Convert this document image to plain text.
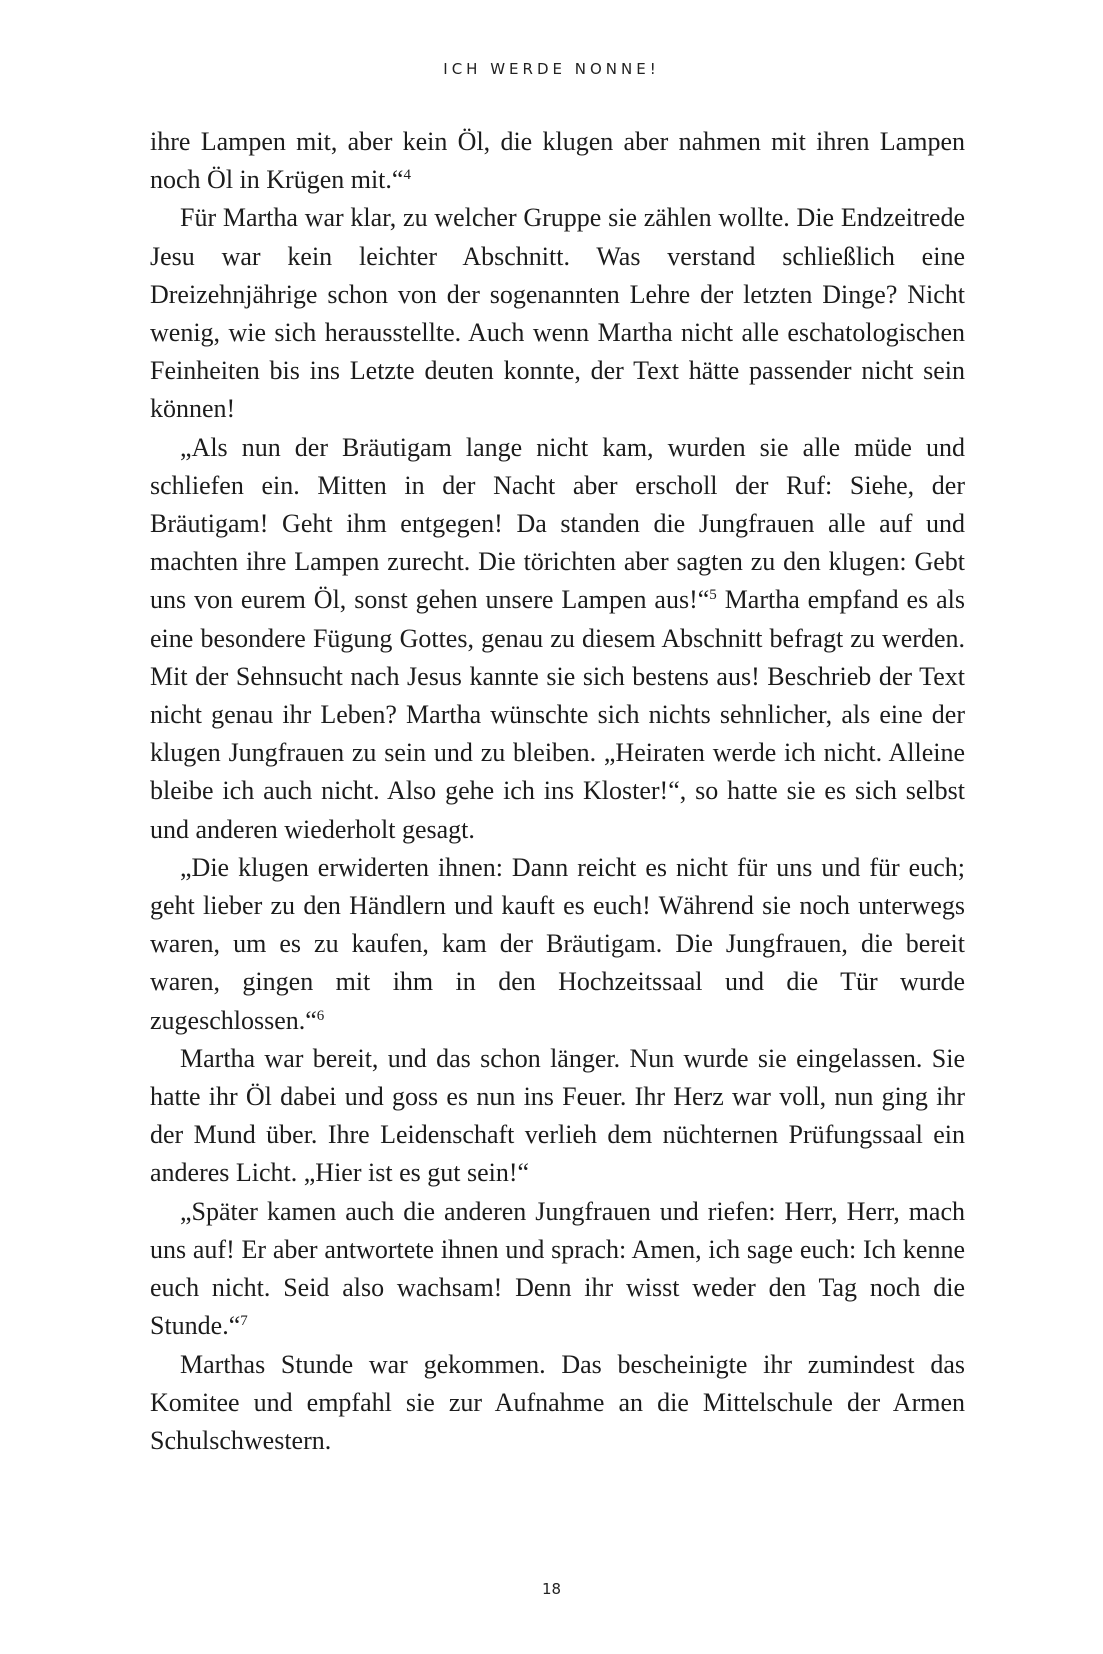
ICH WERDE NONNE!

ihre Lampen mit, aber kein Öl, die klugen aber nahmen mit ihren Lampen noch Öl in Krügen mit.“$^4$

Für Martha war klar, zu welcher Gruppe sie zählen wollte. Die Endzeitrede Jesu war kein leichter Abschnitt. Was verstand schließlich eine Dreizehnjährige schon von der sogenannten Lehre der letzten Dinge? Nicht wenig, wie sich herausstellte. Auch wenn Martha nicht alle eschatologischen Feinheiten bis ins Letzte deuten konnte, der Text hätte passender nicht sein können!

„Als nun der Bräutigam lange nicht kam, wurden sie alle müde und schliefen ein. Mitten in der Nacht aber erscholl der Ruf: Siehe, der Bräutigam! Geht ihm entgegen! Da standen die Jungfrauen alle auf und machten ihre Lampen zurecht. Die törichten aber sagten zu den klugen: Gebt uns von eurem Öl, sonst gehen unsere Lampen aus!“$^5$ Martha empfand es als eine besondere Fügung Gottes, genau zu diesem Abschnitt befragt zu werden. Mit der Sehnsucht nach Jesus kannte sie sich bestens aus! Beschrieb der Text nicht genau ihr Leben? Martha wünschte sich nichts sehnlicher, als eine der klugen Jungfrauen zu sein und zu bleiben. „Heiraten werde ich nicht. Alleine bleibe ich auch nicht. Also gehe ich ins Kloster!“, so hatte sie es sich selbst und anderen wiederholt gesagt.

„Die klugen erwiderten ihnen: Dann reicht es nicht für uns und für euch; geht lieber zu den Händlern und kauft es euch! Während sie noch unterwegs waren, um es zu kaufen, kam der Bräutigam. Die Jungfrauen, die bereit waren, gingen mit ihm in den Hochzeitssaal und die Tür wurde zugeschlossen.“$^6$

Martha war bereit, und das schon länger. Nun wurde sie eingelassen. Sie hatte ihr Öl dabei und goss es nun ins Feuer. Ihr Herz war voll, nun ging ihr der Mund über. Ihre Leidenschaft verlieh dem nüchternen Prüfungssaal ein anderes Licht. „Hier ist es gut sein!“

„Später kamen auch die anderen Jungfrauen und riefen: Herr, Herr, mach uns auf! Er aber antwortete ihnen und sprach: Amen, ich sage euch: Ich kenne euch nicht. Seid also wachsam! Denn ihr wisst weder den Tag noch die Stunde.“$^7$

Marthas Stunde war gekommen. Das bescheinigte ihr zumindest das Komitee und empfahl sie zur Aufnahme an die Mittelschule der Armen Schulschwestern.

18
